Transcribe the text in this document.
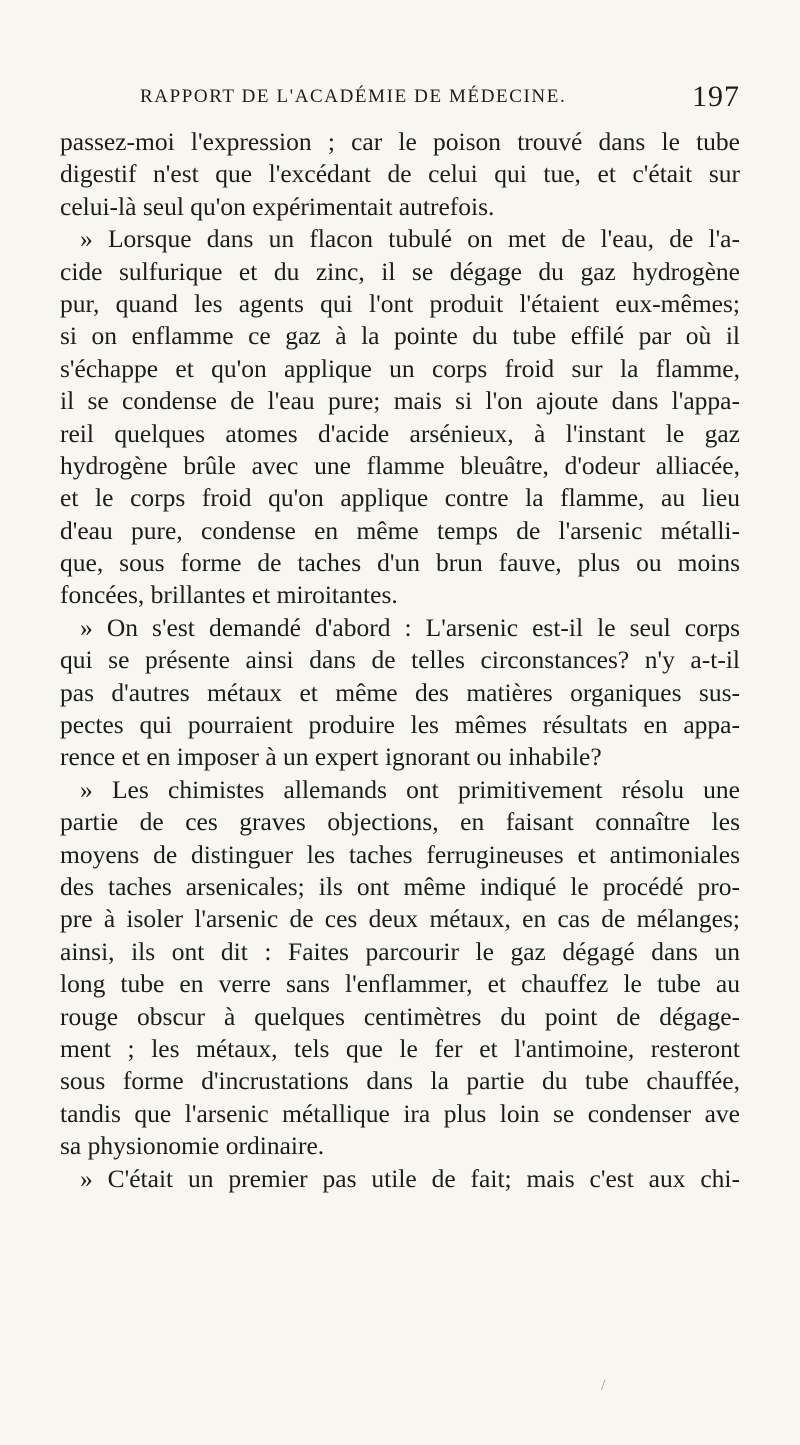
RAPPORT DE L'ACADÉMIE DE MÉDECINE.	197
passez-moi l'expression ; car le poison trouvé dans le tube
digestif n'est que l'excédant de celui qui tue, et c'était sur
celui-là seul qu'on expérimentait autrefois.
» Lorsque dans un flacon tubulé on met de l'eau, de l'a-
cide sulfurique et du zinc, il se dégage du gaz hydrogène
pur, quand les agents qui l'ont produit l'étaient eux-mêmes;
si on enflamme ce gaz à la pointe du tube effilé par où il
s'échappe et qu'on applique un corps froid sur la flamme,
il se condense de l'eau pure; mais si l'on ajoute dans l'appa-
reil quelques atomes d'acide arsénieux, à l'instant le gaz
hydrogène brûle avec une flamme bleuâtre, d'odeur alliacée,
et le corps froid qu'on applique contre la flamme, au lieu
d'eau pure, condense en même temps de l'arsenic métalli-
que, sous forme de taches d'un brun fauve, plus ou moins
foncées, brillantes et miroitantes.
» On s'est demandé d'abord : L'arsenic est-il le seul corps
qui se présente ainsi dans de telles circonstances? n'y a-t-il
pas d'autres métaux et même des matières organiques sus-
pectes qui pourraient produire les mêmes résultats en appa-
rence et en imposer à un expert ignorant ou inhabile?
» Les chimistes allemands ont primitivement résolu une
partie de ces graves objections, en faisant connaître les
moyens de distinguer les taches ferrugineuses et antimoniales
des taches arsenicales; ils ont même indiqué le procédé pro-
pre à isoler l'arsenic de ces deux métaux, en cas de mélanges;
ainsi, ils ont dit : Faites parcourir le gaz dégagé dans un
long tube en verre sans l'enflammer, et chauffez le tube au
rouge obscur à quelques centimètres du point de dégage-
ment ; les métaux, tels que le fer et l'antimoine, resteront
sous forme d'incrustations dans la partie du tube chauffée,
tandis que l'arsenic métallique ira plus loin se condenser ave
sa physionomie ordinaire.
» C'était un premier pas utile de fait; mais c'est aux chi-
/
